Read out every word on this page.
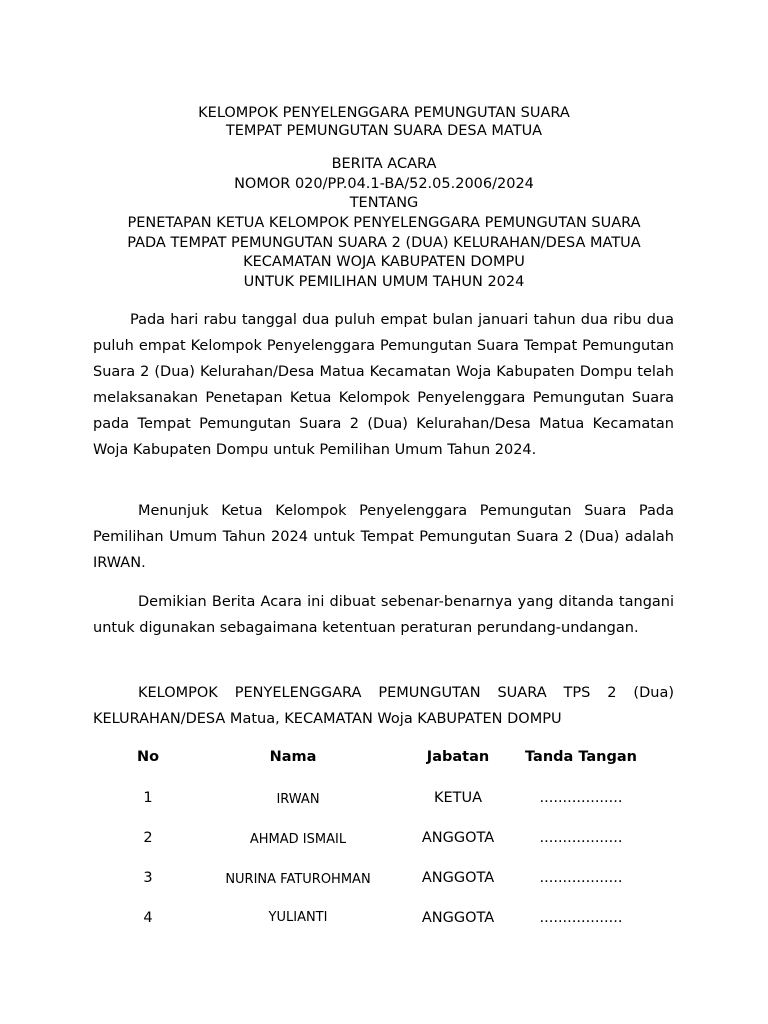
KELOMPOK PENYELENGGARA PEMUNGUTAN SUARA
TEMPAT PEMUNGUTAN SUARA DESA MATUA
BERITA ACARA
NOMOR 020/PP.04.1-BA/52.05.2006/2024
TENTANG
PENETAPAN KETUA KELOMPOK PENYELENGGARA PEMUNGUTAN SUARA
PADA TEMPAT PEMUNGUTAN SUARA 2 (DUA) KELURAHAN/DESA MATUA
KECAMATAN WOJA KABUPATEN DOMPU
UNTUK PEMILIHAN UMUM TAHUN 2024

Pada hari rabu tanggal dua puluh empat bulan januari tahun dua ribu dua puluh empat Kelompok Penyelenggara Pemungutan Suara Tempat Pemungutan Suara 2 (Dua) Kelurahan/Desa Matua Kecamatan Woja Kabupaten Dompu telah melaksanakan Penetapan Ketua Kelompok Penyelenggara Pemungutan Suara pada Tempat Pemungutan Suara 2 (Dua) Kelurahan/Desa Matua Kecamatan Woja Kabupaten Dompu untuk Pemilihan Umum Tahun 2024.

Menunjuk Ketua Kelompok Penyelenggara Pemungutan Suara Pada Pemilihan Umum Tahun 2024 untuk Tempat Pemungutan Suara 2 (Dua) adalah IRWAN.

Demikian Berita Acara ini dibuat sebenar-benarnya yang ditanda tangani untuk digunakan sebagaimana ketentuan peraturan perundang-undangan.

KELOMPOK PENYELENGGARA PEMUNGUTAN SUARA TPS 2 (Dua) KELURAHAN/DESA Matua, KECAMATAN Woja KABUPATEN DOMPU

No	Nama	Jabatan	Tanda Tangan
1	IRWAN	KETUA	..................
2	AHMAD ISMAIL	ANGGOTA	..................
3	NURINA FATUROHMAN	ANGGOTA	..................
4	YULIANTI	ANGGOTA	..................
